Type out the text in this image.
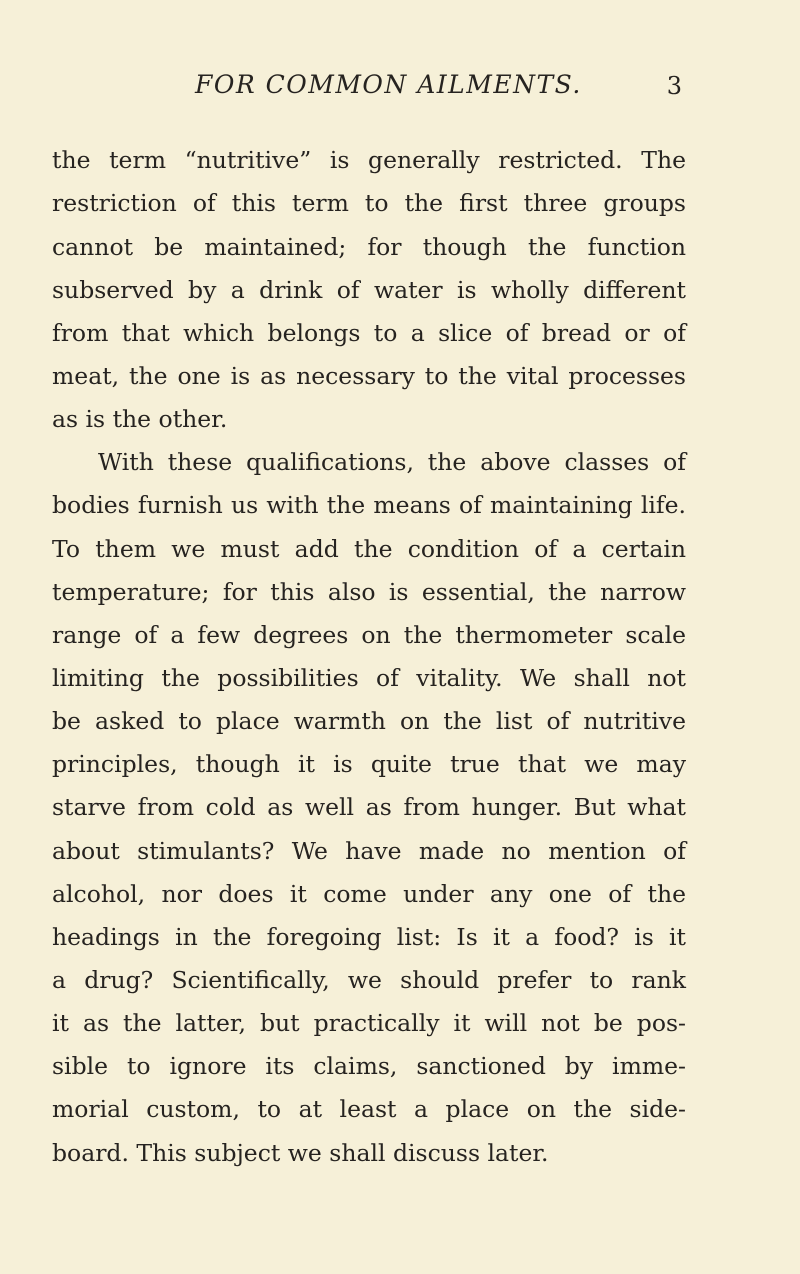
FOR COMMON AILMENTS.	3
the term “nutritive” is generally restricted. The
restriction of this term to the first three groups
cannot be maintained; for though the function
subserved by a drink of water is wholly different
from that which belongs to a slice of bread or of
meat, the one is as necessary to the vital processes
as is the other.
With these qualifications, the above classes of
bodies furnish us with the means of maintaining life.
To them we must add the condition of a certain
temperature; for this also is essential, the narrow
range of a few degrees on the thermometer scale
limiting the possibilities of vitality. We shall not
be asked to place warmth on the list of nutritive
principles, though it is quite true that we may
starve from cold as well as from hunger. But what
about stimulants? We have made no mention of
alcohol, nor does it come under any one of the
headings in the foregoing list: Is it a food? is it
a drug? Scientifically, we should prefer to rank
it as the latter, but practically it will not be pos-
sible to ignore its claims, sanctioned by imme-
morial custom, to at least a place on the side-
board. This subject we shall discuss later.
